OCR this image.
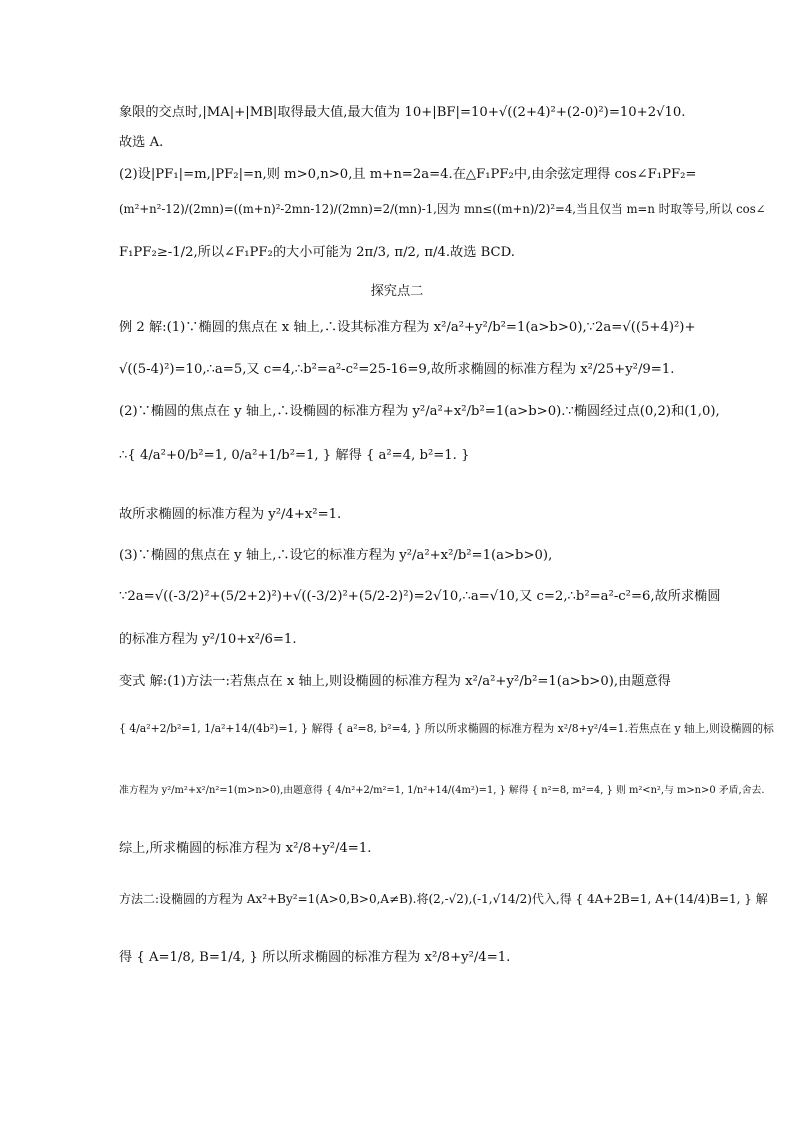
象限的交点时,|MA|+|MB|取得最大值,最大值为 10+|BF|=10+√((2+4)²+(2-0)²)=10+2√10.
故选 A.
(2)设|PF₁|=m,|PF₂|=n,则 m>0,n>0,且 m+n=2a=4.在△F₁PF₂中,由余弦定理得 cos∠F₁PF₂=
(m²+n²-12)/(2mn)=((m+n)²-2mn-12)/(2mn)=2/(mn)-1,因为 mn≤((m+n)/2)²=4,当且仅当 m=n 时取等号,所以 cos∠
F₁PF₂≥-1/2,所以∠F₁PF₂的大小可能为 2π/3, π/2, π/4.故选 BCD.
探究点二
例 2 解:(1)∵椭圆的焦点在 x 轴上,∴设其标准方程为 x²/a²+y²/b²=1(a>b>0),∵2a=√((5+4)²)+
√((5-4)²)=10,∴a=5,又 c=4,∴b²=a²-c²=25-16=9,故所求椭圆的标准方程为 x²/25+y²/9=1.
(2)∵椭圆的焦点在 y 轴上,∴设椭圆的标准方程为 y²/a²+x²/b²=1(a>b>0).∵椭圆经过点(0,2)和(1,0),
∴{ 4/a²+0/b²=1, 0/a²+1/b²=1, } 解得 { a²=4, b²=1. }
故所求椭圆的标准方程为 y²/4+x²=1.
(3)∵椭圆的焦点在 y 轴上,∴设它的标准方程为 y²/a²+x²/b²=1(a>b>0),
∵2a=√((-3/2)²+(5/2+2)²)+√((-3/2)²+(5/2-2)²)=2√10,∴a=√10,又 c=2,∴b²=a²-c²=6,故所求椭圆
的标准方程为 y²/10+x²/6=1.
变式 解:(1)方法一:若焦点在 x 轴上,则设椭圆的标准方程为 x²/a²+y²/b²=1(a>b>0),由题意得
{ 4/a²+2/b²=1, 1/a²+14/(4b²)=1, } 解得 { a²=8, b²=4, } 所以所求椭圆的标准方程为 x²/8+y²/4=1.若焦点在 y 轴上,则设椭圆的标
准方程为 y²/m²+x²/n²=1(m>n>0),由题意得 { 4/n²+2/m²=1, 1/n²+14/(4m²)=1, } 解得 { n²=8, m²=4, } 则 m²<n²,与 m>n>0 矛盾,舍去.
综上,所求椭圆的标准方程为 x²/8+y²/4=1.
方法二:设椭圆的方程为 Ax²+By²=1(A>0,B>0,A≠B).将(2,-√2),(-1,√14/2)代入,得 { 4A+2B=1, A+(14/4)B=1, } 解
得 { A=1/8, B=1/4, } 所以所求椭圆的标准方程为 x²/8+y²/4=1.
